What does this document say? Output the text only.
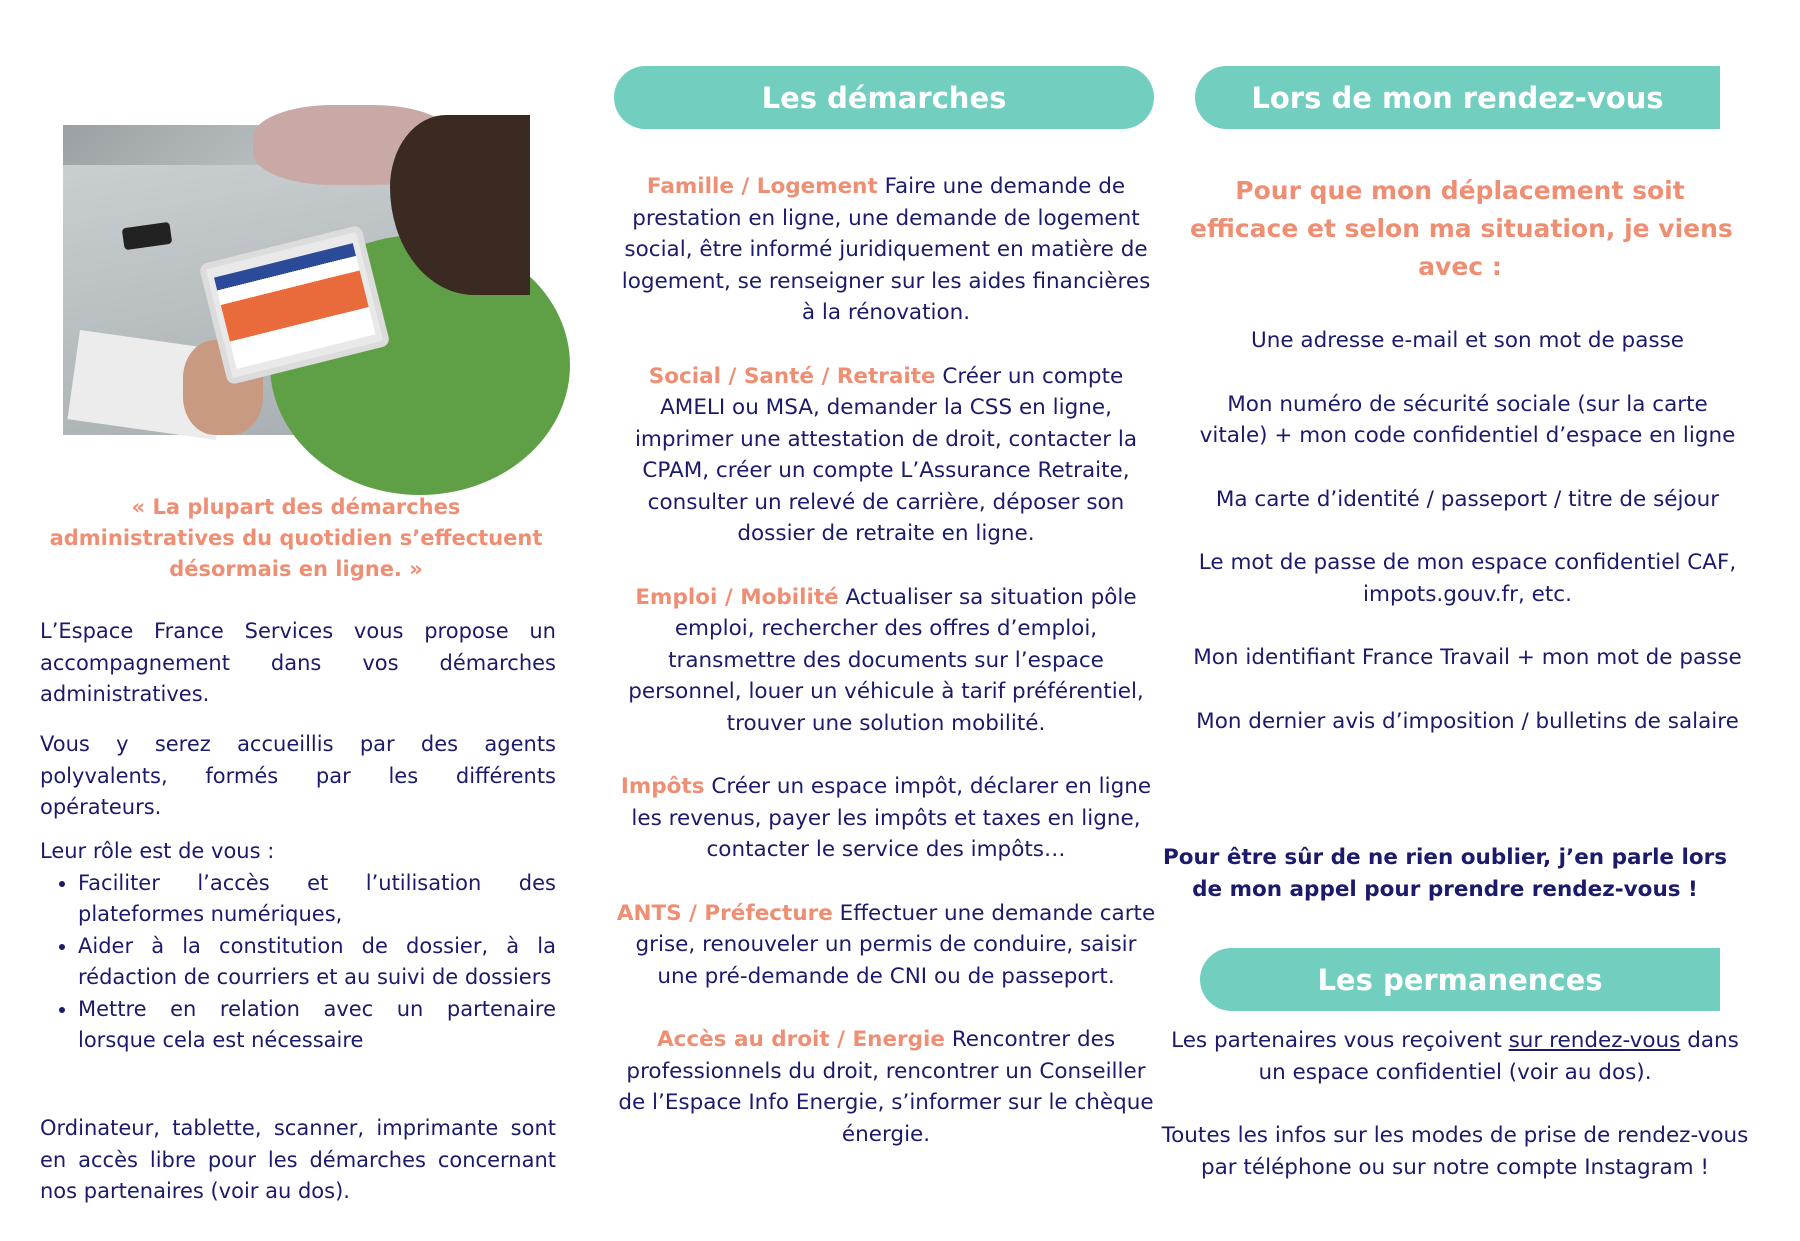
« La plupart des démarches administratives du quotidien s’effectuent désormais en ligne. »

L’Espace France Services vous propose un accompagnement dans vos démarches administratives.

Vous y serez accueillis par des agents polyvalents, formés par les différents opérateurs.

Leur rôle est de vous :
• Faciliter l’accès et l’utilisation des plateformes numériques,
• Aider à la constitution de dossier, à la rédaction de courriers et au suivi de dossiers
• Mettre en relation avec un partenaire lorsque cela est nécessaire

Ordinateur, tablette, scanner, imprimante sont en accès libre pour les démarches concernant nos partenaires (voir au dos).

Les démarches

Famille / Logement Faire une demande de prestation en ligne, une demande de logement social, être informé juridiquement en matière de logement, se renseigner sur les aides financières à la rénovation.

Social / Santé / Retraite Créer un compte AMELI ou MSA, demander la CSS en ligne, imprimer une attestation de droit, contacter la CPAM, créer un compte L’Assurance Retraite, consulter un relevé de carrière, déposer son dossier de retraite en ligne.

Emploi / Mobilité Actualiser sa situation pôle emploi, rechercher des offres d’emploi, transmettre des documents sur l’espace personnel, louer un véhicule à tarif préférentiel, trouver une solution mobilité.

Impôts Créer un espace impôt, déclarer en ligne les revenus, payer les impôts et taxes en ligne, contacter le service des impôts…

ANTS / Préfecture Effectuer une demande carte grise, renouveler un permis de conduire, saisir une pré-demande de CNI ou de passeport.

Accès au droit / Energie Rencontrer des professionnels du droit, rencontrer un Conseiller de l’Espace Info Energie, s’informer sur le chèque énergie.

Lors de mon rendez-vous
Pour que mon déplacement soit
efficace et selon ma situation, je viens
avec :
Une adresse e-mail et son mot de passe
Mon numéro de sécurité sociale (sur la carte vitale) + mon code confidentiel d’espace en ligne
Ma carte d’identité / passeport / titre de séjour
Le mot de passe de mon espace confidentiel CAF, impots.gouv.fr, etc.
Mon identifiant France Travail + mon mot de passe
Mon dernier avis d’imposition / bulletins de salaire
Pour être sûr de ne rien oublier, j’en parle lors de mon appel pour prendre rendez-vous !

Les partenaires vous reçoivent sur rendez-vous dans un espace confidentiel (voir au dos).

Toutes les infos sur les modes de prise de rendez-vous par téléphone ou sur notre compte Instagram !

Les permanences
